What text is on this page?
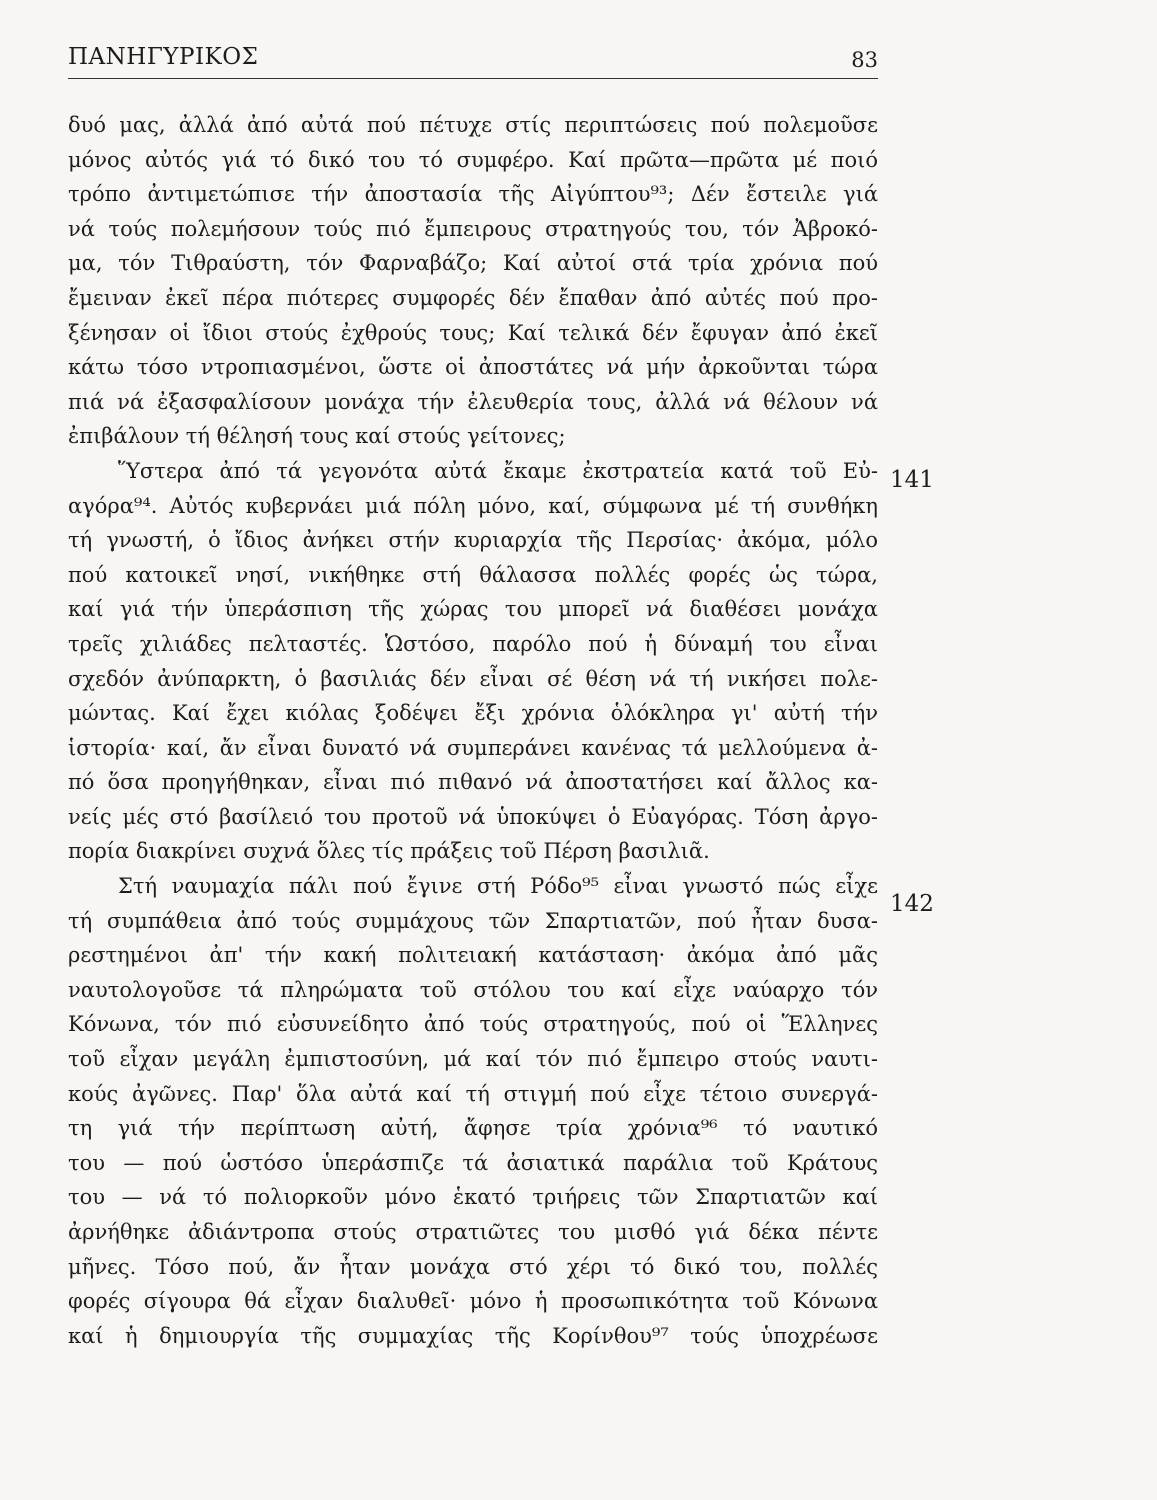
ΠΑΝΗΓΥΡΙΚΟΣ	83
δυό μας, ἀλλά ἀπό αὐτά πού πέτυχε στίς περιπτώσεις πού πολεμοῦσε
μόνος αὐτός γιά τό δικό του τό συμφέρο. Καί πρῶτα—πρῶτα μέ ποιό
τρόπο ἀντιμετώπισε τήν ἀποστασία τῆς Αἰγύπτου⁹³; Δέν ἔστειλε γιά
νά τούς πολεμήσουν τούς πιό ἔμπειρους στρατηγούς του, τόν Ἀβροκό-
μα, τόν Τιθραύστη, τόν Φαρναβάζο; Καί αὐτοί στά τρία χρόνια πού
ἔμειναν ἐκεῖ πέρα πιότερες συμφορές δέν ἔπαθαν ἀπό αὐτές πού προ-
ξένησαν οἱ ἴδιοι στούς ἐχθρούς τους; Καί τελικά δέν ἔφυγαν ἀπό ἐκεῖ
κάτω τόσο ντροπιασμένοι, ὥστε οἱ ἀποστάτες νά μήν ἀρκοῦνται τώρα
πιά νά ἐξασφαλίσουν μονάχα τήν ἐλευθερία τους, ἀλλά νά θέλουν νά
ἐπιβάλουν τή θέλησή τους καί στούς γείτονες;
Ὕστερα ἀπό τά γεγονότα αὐτά ἔκαμε ἐκστρατεία κατά τοῦ Εὐ-
αγόρα⁹⁴. Αὐτός κυβερνάει μιά πόλη μόνο, καί, σύμφωνα μέ τή συνθήκη
τή γνωστή, ὁ ἴδιος ἀνήκει στήν κυριαρχία τῆς Περσίας· ἀκόμα, μόλο
πού κατοικεῖ νησί, νικήθηκε στή θάλασσα πολλές φορές ὡς τώρα,
καί γιά τήν ὑπεράσπιση τῆς χώρας του μπορεῖ νά διαθέσει μονάχα
τρεῖς χιλιάδες πελταστές. Ὡστόσο, παρόλο πού ἡ δύναμή του εἶναι
σχεδόν ἀνύπαρκτη, ὁ βασιλιάς δέν εἶναι σέ θέση νά τή νικήσει πολε-
μώντας. Καί ἔχει κιόλας ξοδέψει ἔξι χρόνια ὁλόκληρα γι' αὐτή τήν
ἱστορία· καί, ἄν εἶναι δυνατό νά συμπεράνει κανένας τά μελλούμενα ἀ-
πό ὅσα προηγήθηκαν, εἶναι πιό πιθανό νά ἀποστατήσει καί ἄλλος κα-
νείς μές στό βασίλειό του προτοῦ νά ὑποκύψει ὁ Εὐαγόρας. Τόση ἀργο-
πορία διακρίνει συχνά ὅλες τίς πράξεις τοῦ Πέρση βασιλιᾶ.
Στή ναυμαχία πάλι πού ἔγινε στή Ρόδο⁹⁵ εἶναι γνωστό πώς εἶχε
τή συμπάθεια ἀπό τούς συμμάχους τῶν Σπαρτιατῶν, πού ἦταν δυσα-
ρεστημένοι ἀπ' τήν κακή πολιτειακή κατάσταση· ἀκόμα ἀπό μᾶς
ναυτολογοῦσε τά πληρώματα τοῦ στόλου του καί εἶχε ναύαρχο τόν
Κόνωνα, τόν πιό εὐσυνείδητο ἀπό τούς στρατηγούς, πού οἱ Ἕλληνες
τοῦ εἶχαν μεγάλη ἐμπιστοσύνη, μά καί τόν πιό ἔμπειρο στούς ναυτι-
κούς ἀγῶνες. Παρ' ὅλα αὐτά καί τή στιγμή πού εἶχε τέτοιο συνεργά-
τη γιά τήν περίπτωση αὐτή, ἄφησε τρία χρόνια⁹⁶ τό ναυτικό
του — πού ὡστόσο ὑπεράσπιζε τά ἀσιατικά παράλια τοῦ Κράτους
του — νά τό πολιορκοῦν μόνο ἑκατό τριήρεις τῶν Σπαρτιατῶν καί
ἀρνήθηκε ἀδιάντροπα στούς στρατιῶτες του μισθό γιά δέκα πέντε
μῆνες. Τόσο πού, ἄν ἦταν μονάχα στό χέρι τό δικό του, πολλές
φορές σίγουρα θά εἶχαν διαλυθεῖ· μόνο ἡ προσωπικότητα τοῦ Κόνωνα
καί ἡ δημιουργία τῆς συμμαχίας τῆς Κορίνθου⁹⁷ τούς ὑποχρέωσε
141
142
